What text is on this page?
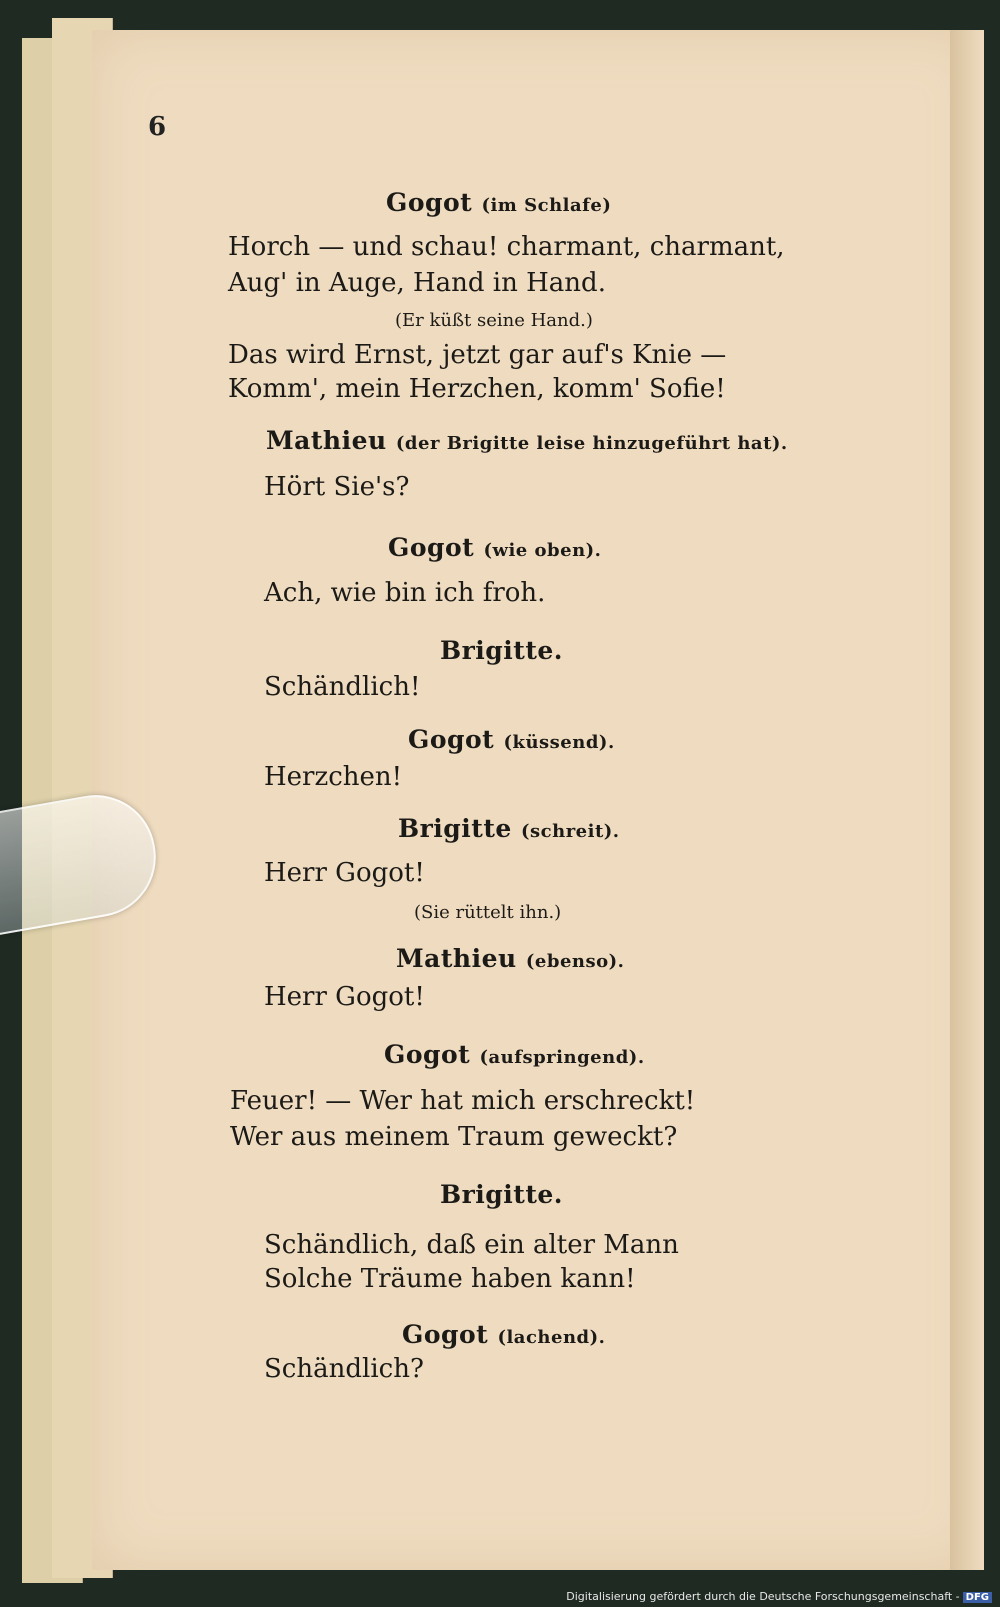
6
Gogot (im Schlafe)
Horch — und schau! charmant, charmant,
Aug' in Auge, Hand in Hand.
(Er küßt seine Hand.)
Das wird Ernst, jetzt gar auf's Knie —
Komm', mein Herzchen, komm' Sofie!
Mathieu (der Brigitte leise hinzugeführt hat).
Hört Sie's?
Gogot (wie oben).
Ach, wie bin ich froh.
Brigitte.
Schändlich!
Gogot (küssend).
Herzchen!
Brigitte (schreit).
Herr Gogot!
(Sie rüttelt ihn.)
Mathieu (ebenso).
Herr Gogot!
Gogot (aufspringend).
Feuer! — Wer hat mich erschreckt!
Wer aus meinem Traum geweckt?
Brigitte.
Schändlich, daß ein alter Mann
Solche Träume haben kann!
Gogot (lachend).
Schändlich?
Digitalisierung gefördert durch die Deutsche Forschungsgemeinschaft - DFG
